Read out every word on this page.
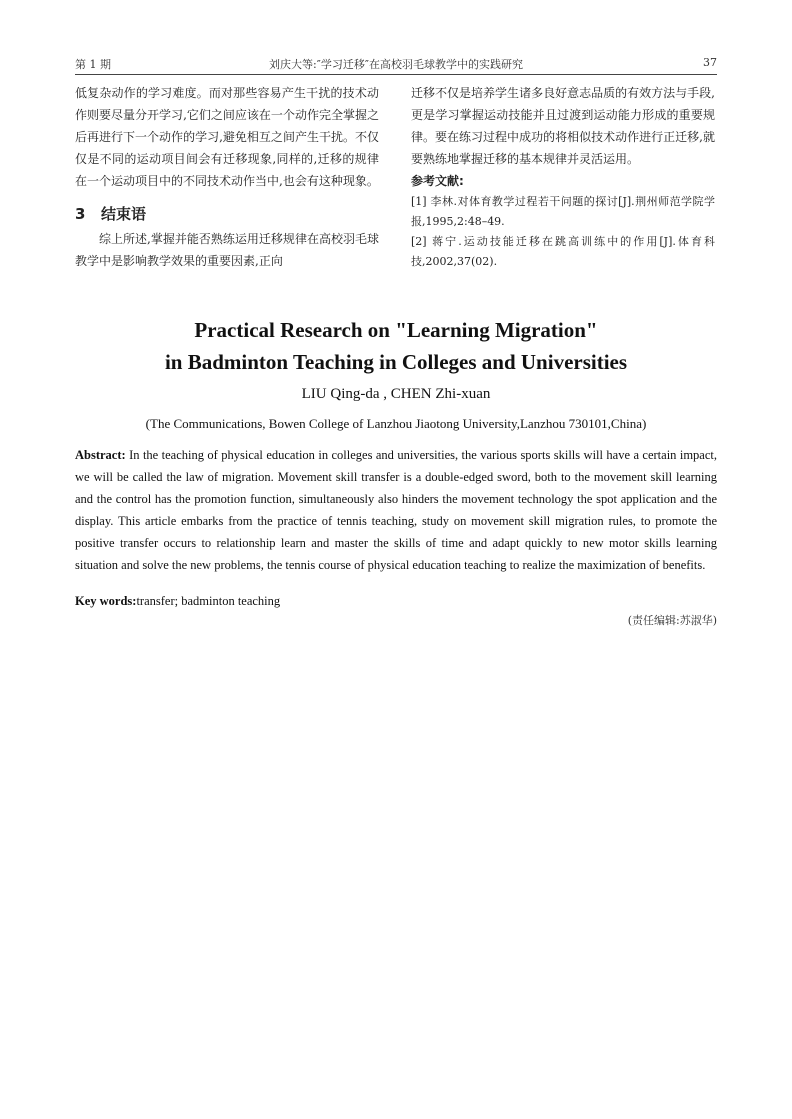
第 1 期	刘庆大等:″学习迁移″在高校羽毛球教学中的实践研究	37

低复杂动作的学习难度。而对那些容易产生干扰的技术动作则要尽量分开学习,它们之间应该在一个动作完全掌握之后再进行下一个动作的学习,避免相互之间产生干扰。不仅仅是不同的运动项目间会有迁移现象,同样的,迁移的规律在一个运动项目中的不同技术动作当中,也会有这种现象。

3 结束语

综上所述,掌握并能否熟练运用迁移规律在高校羽毛球教学中是影响教学效果的重要因素,正向

迁移不仅是培养学生诸多良好意志品质的有效方法与手段,更是学习掌握运动技能并且过渡到运动能力形成的重要规律。要在练习过程中成功的将相似技术动作进行正迁移,就要熟练地掌握迁移的基本规律并灵活运用。

参考文献:
[1] 李林.对体育教学过程若干问题的探讨[J].荆州师范学院学报,1995,2:48–49.
[2] 蒋宁.运动技能迁移在跳高训练中的作用[J].体育科技,2002,37(02).
Practical Research on "Learning Migration"
in Badminton Teaching in Colleges and Universities
LIU Qing-da , CHEN Zhi-xuan
(The Communications, Bowen College of Lanzhou Jiaotong University,Lanzhou 730101,China)
Abstract: In the teaching of physical education in colleges and universities, the various sports skills will have a certain impact, we will be called the law of migration. Movement skill transfer is a double-edged sword, both to the movement skill learning and the control has the promotion function, simultaneously also hinders the movement technology the spot application and the display. This article embarks from the practice of tennis teaching, study on movement skill migration rules, to promote the positive transfer occurs to relationship learn and master the skills of time and adapt quickly to new motor skills learning situation and solve the new problems, the tennis course of physical education teaching to realize the maximization of benefits.
Key words:transfer; badminton teaching
(责任编辑:苏淑华)
